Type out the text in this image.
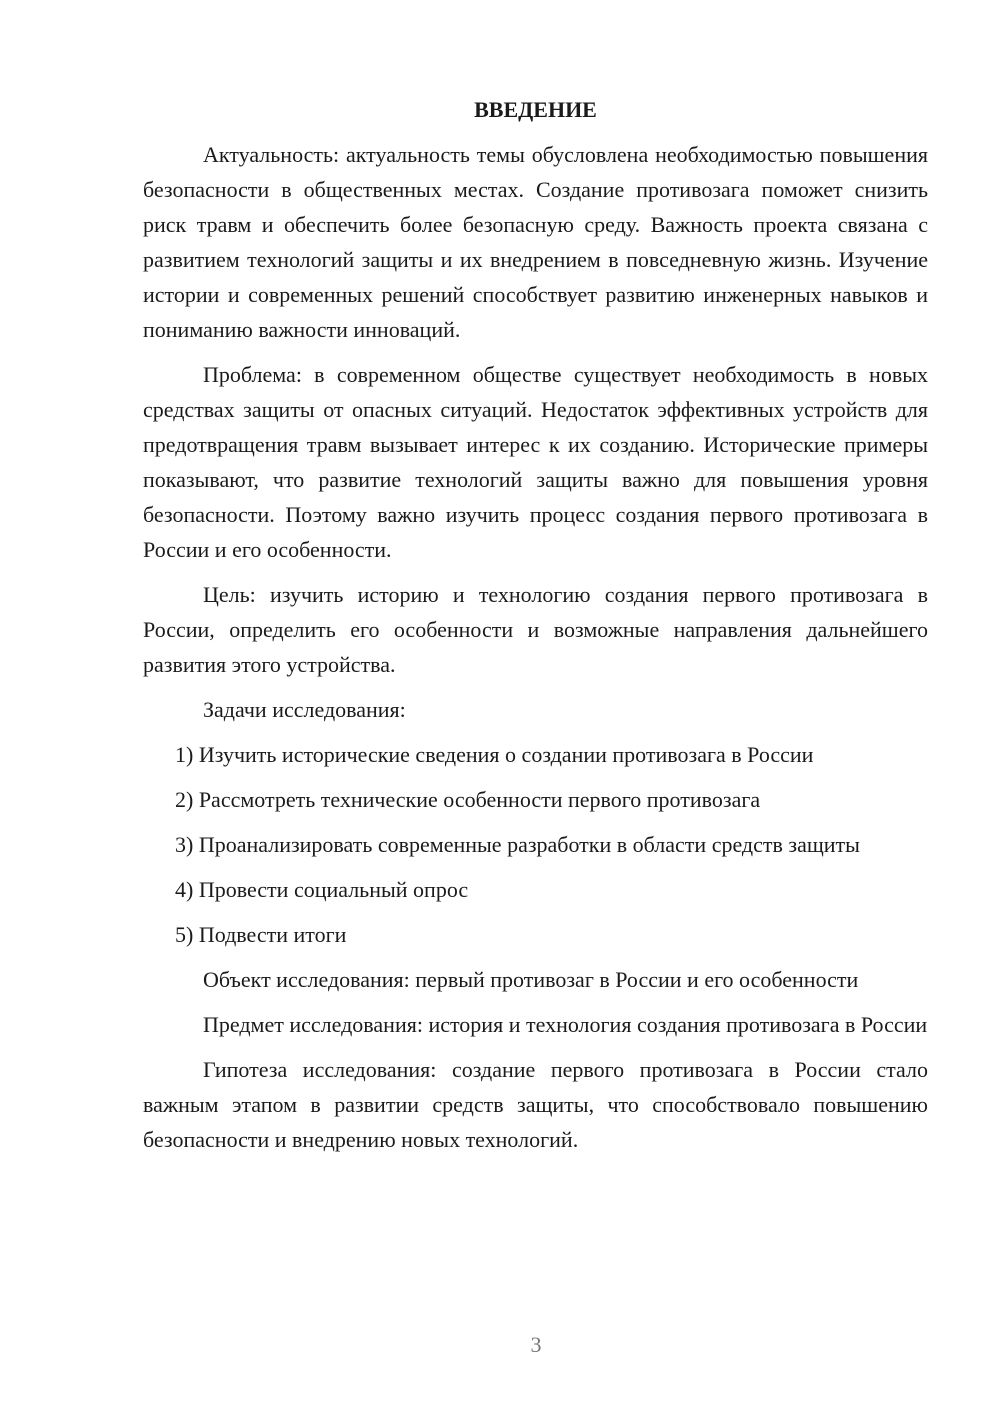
ВВЕДЕНИЕ

Актуальность: актуальность темы обусловлена необходимостью повышения безопасности в общественных местах. Создание противозага поможет снизить риск травм и обеспечить более безопасную среду. Важность проекта связана с развитием технологий защиты и их внедрением в повседневную жизнь. Изучение истории и современных решений способствует развитию инженерных навыков и пониманию важности инноваций.

Проблема: в современном обществе существует необходимость в новых средствах защиты от опасных ситуаций. Недостаток эффективных устройств для предотвращения травм вызывает интерес к их созданию. Исторические примеры показывают, что развитие технологий защиты важно для повышения уровня безопасности. Поэтому важно изучить процесс создания первого противозага в России и его особенности.

Цель: изучить историю и технологию создания первого противозага в России, определить его особенности и возможные направления дальнейшего развития этого устройства.

Задачи исследования:

1) Изучить исторические сведения о создании противозага в России

2) Рассмотреть технические особенности первого противозага

3) Проанализировать современные разработки в области средств защиты

4) Провести социальный опрос

5) Подвести итоги

Объект исследования: первый противозаг в России и его особенности

Предмет исследования: история и технология создания противозага в России

Гипотеза исследования: создание первого противозага в России стало важным этапом в развитии средств защиты, что способствовало повышению безопасности и внедрению новых технологий.

3
